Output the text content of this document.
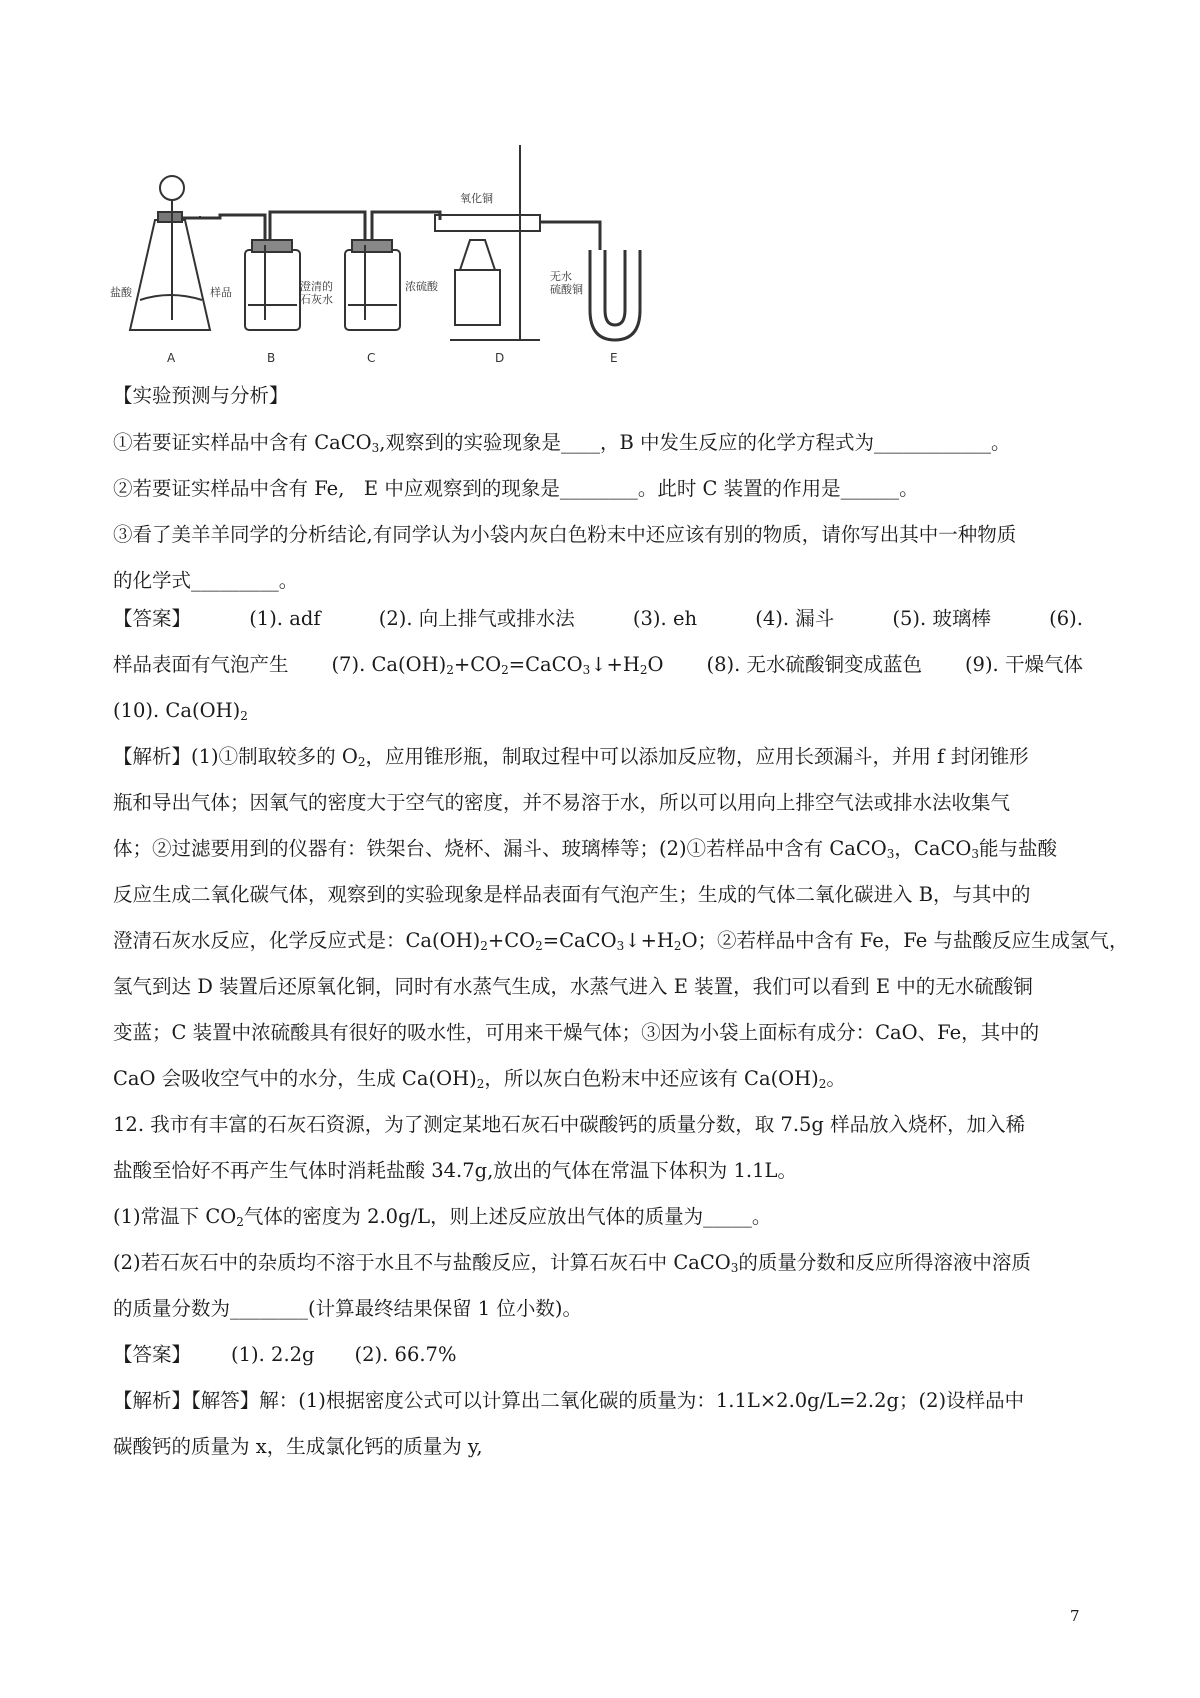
盐酸	样品	澄清的石灰水
浓硫酸
氧化铜
无水硫酸铜
A	B	C	D	E
【实验预测与分析】
①若要证实样品中含有 CaCO$_3$,观察到的实验现象是____，B 中发生反应的化学方程式为____________。
②若要证实样品中含有 Fe,　E 中应观察到的现象是________。此时 C 装置的作用是______。
③看了美羊羊同学的分析结论,有同学认为小袋内灰白色粉末中还应该有别的物质，请你写出其中一种物质
的化学式_________。
【答案】	(1). adf	(2). 向上排气或排水法	(3). eh	(4). 漏斗	(5). 玻璃棒	(6).
样品表面有气泡产生 (7). $Ca(OH)_2+CO_2=CaCO_3↓+H_2O$ (8). 无水硫酸铜变成蓝色 (9). 干燥气体
(10). $Ca(OH)_2$
【解析】(1)①制取较多的 $O_2$，应用锥形瓶，制取过程中可以添加反应物，应用长颈漏斗，并用 f 封闭锥形
瓶和导出气体；因氧气的密度大于空气的密度，并不易溶于水，所以可以用向上排空气法或排水法收集气
体；②过滤要用到的仪器有：铁架台、烧杯、漏斗、玻璃棒等；(2)①若样品中含有 CaCO$_3$，CaCO$_3$能与盐酸
反应生成二氧化碳气体，观察到的实验现象是样品表面有气泡产生；生成的气体二氧化碳进入 B，与其中的
澄清石灰水反应，化学反应式是：$Ca(OH)_2+CO_2=CaCO_3↓+H_2O$；②若样品中含有 Fe，Fe 与盐酸反应生成氢气，
氢气到达 D 装置后还原氧化铜，同时有水蒸气生成，水蒸气进入 E 装置，我们可以看到 E 中的无水硫酸铜
变蓝；C 装置中浓硫酸具有很好的吸水性，可用来干燥气体；③因为小袋上面标有成分：CaO、Fe，其中的
CaO 会吸收空气中的水分，生成 $Ca(OH)_2$，所以灰白色粉末中还应该有 $Ca(OH)_2$。
12. 我市有丰富的石灰石资源，为了测定某地石灰石中碳酸钙的质量分数，取 7.5g 样品放入烧杯，加入稀
盐酸至恰好不再产生气体时消耗盐酸 34.7g,放出的气体在常温下体积为 1.1L。
(1)常温下 $CO_2$气体的密度为 2.0g/L，则上述反应放出气体的质量为_____。
(2)若石灰石中的杂质均不溶于水且不与盐酸反应，计算石灰石中 CaCO$_3$的质量分数和反应所得溶液中溶质
的质量分数为________(计算最终结果保留 1 位小数)。
【答案】 (1). 2.2g (2). 66.7%
【解析】【解答】解：(1)根据密度公式可以计算出二氧化碳的质量为：1.1L×2.0g/L=2.2g；(2)设样品中
碳酸钙的质量为 x，生成氯化钙的质量为 y,
7
